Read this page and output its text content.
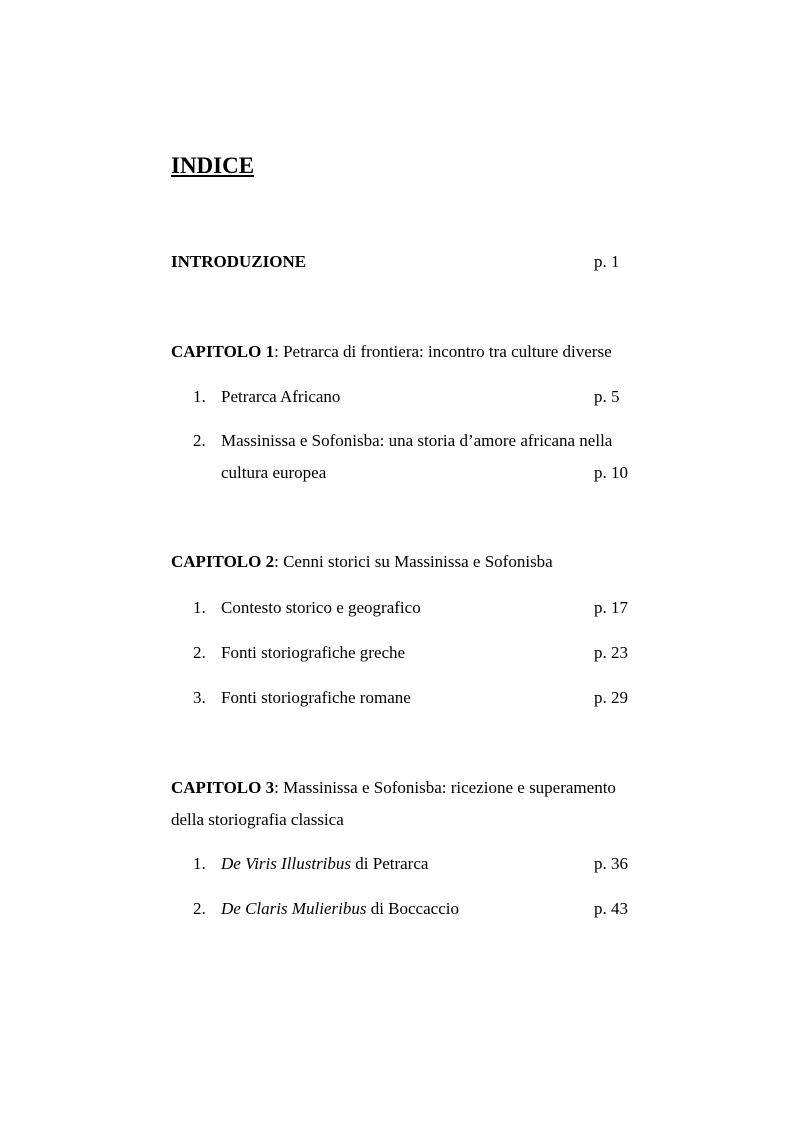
INDICE
INTRODUZIONE	p. 1
CAPITOLO 1: Petrarca di frontiera: incontro tra culture diverse
1. Petrarca Africano	p. 5
2. Massinissa e Sofonisba: una storia d’amore africana nella
cultura europea	p. 10
CAPITOLO 2: Cenni storici su Massinissa e Sofonisba
1. Contesto storico e geografico	p. 17
2. Fonti storiografiche greche	p. 23
3. Fonti storiografiche romane	p. 29
CAPITOLO 3: Massinissa e Sofonisba: ricezione e superamento
della storiografia classica
1. De Viris Illustribus di Petrarca	p. 36
2. De Claris Mulieribus di Boccaccio	p. 43
